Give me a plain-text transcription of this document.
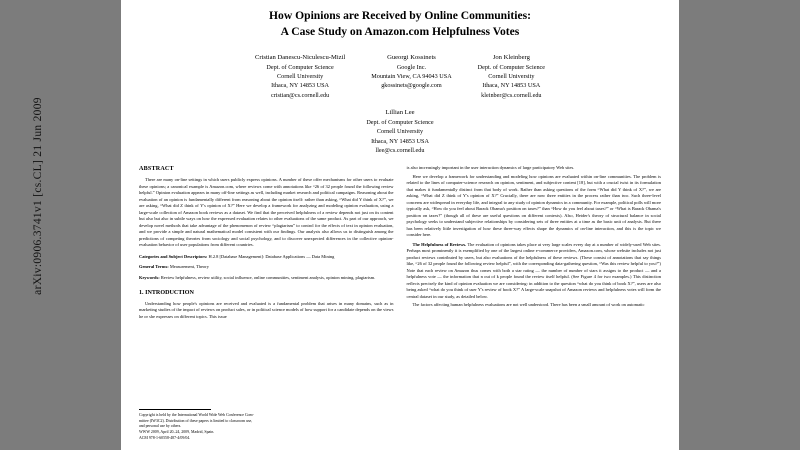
arXiv:0906.3741v1 [cs.CL] 21 Jun 2009
How Opinions are Received by Online Communities:
A Case Study on Amazon.com Helpfulness Votes
Cristian Danescu-Niculescu-Mizil
Dept. of Computer Science
Cornell University
Ithaca, NY 14853 USA
cristian@cs.cornell.edu
Gueorgi Kossinets
Google Inc.
Mountain View, CA 94043 USA
gkossinets@google.com
Jon Kleinberg
Dept. of Computer Science
Cornell University
Ithaca, NY 14853 USA
kleinber@cs.cornell.edu
Lillian Lee
Dept. of Computer Science
Cornell University
Ithaca, NY 14853 USA
llee@cs.cornell.edu
ABSTRACT

There are many on-line settings in which users publicly express opinions. A number of these offer mechanisms for other users to evaluate these opinions; a canonical example is Amazon.com, where reviews come with annotations like “26 of 32 people found the following review helpful.” Opinion evaluation appears in many off-line settings as well, including market research and political campaigns. Reasoning about the evaluation of an opinion is fundamentally different from reasoning about the opinion itself: rather than asking, “What did Y think of X?”, we are asking, “What did Z think of Y's opinion of X?” Here we develop a framework for analyzing and modeling opinion evaluation, using a large-scale collection of Amazon book reviews as a dataset. We find that the perceived helpfulness of a review depends not just on its content but also but also in subtle ways on how the expressed evaluation relates to other evaluations of the same product. As part of our approach, we develop novel methods that take advantage of the phenomenon of review “plagiarism” to control for the effects of text in opinion evaluation, and we provide a simple and natural mathematical model consistent with our findings. Our analysis also allows us to distinguish among the predictions of competing theories from sociology and social psychology, and to discover unexpected differences in the collective opinion-evaluation behavior of user populations from different countries.

Categories and Subject Descriptors: H.2.8 [Database Management]: Database Applications — Data Mining

General Terms: Measurement, Theory

Keywords: Review helpfulness, review utility, social influence, online communities, sentiment analysis, opinion mining, plagiarism.

1. INTRODUCTION

Understanding how people's opinions are received and evaluated is a fundamental problem that arises in many domains, such as in marketing studies of the impact of reviews on product sales, or in political science models of how support for a candidate depends on the views he or she expresses on different topics. This issue

is also increasingly important in the user interaction dynamics of large participatory Web sites.

Here we develop a framework for understanding and modeling how opinions are evaluated within on-line communities. The problem is related to the lines of computer-science research on opinion, sentiment, and subjective content [18], but with a crucial twist in its formulation that makes it fundamentally distinct from that body of work. Rather than asking questions of the form “What did Y think of X?”, we are asking, “What did Z think of Y's opinion of X?” Crucially, there are now three entities in the process rather than two. Such three-level concerns are widespread in everyday life, and integral to any study of opinion dynamics in a community. For example, political polls will more typically ask, “How do you feel about Barack Obama's position on taxes?” than “How do you feel about taxes?” or “What is Barack Obama's position on taxes?” (though all of these are useful questions on different contexts). Also, Heider's theory of structural balance in social psychology seeks to understand subjective relationships by considering sets of three entities at a time as the basic unit of analysis. But there has been relatively little investigation of how these three-way effects shape the dynamics of on-line interaction, and this is the topic we consider here.

The Helpfulness of Reviews. The evaluation of opinions takes place at very large scales every day at a number of widely-used Web sites. Perhaps most prominently it is exemplified by one of the largest online e-commerce providers, Amazon.com, whose website includes not just product reviews contributed by users, but also evaluations of the helpfulness of these reviews. (These consist of annotations that say things like, “26 of 32 people found the following review helpful”, with the corresponding data-gathering question, “Was this review helpful to you?”) Note that each review on Amazon thus comes with both a star rating — the number of number of stars it assigns to the product — and a helpfulness vote — the information that n out of k people found the review itself helpful. (See Figure 4 for two examples.) This distinction reflects precisely the kind of opinion evaluation we are considering: in addition to the question “what do you think of book X?”, users are also being asked “what do you think of user Y's review of book X?” A large-scale snapshot of Amazon reviews and helpfulness votes will form the central dataset in our study, as detailed below.

The factors affecting human helpfulness evaluations are not well understood. There has been a small amount of work on automatic

Copyright is held by the International World Wide Web Conference Com-
mittee (IW3C2). Distribution of these papers is limited to classroom use,
and personal use by others.
WWW 2009, April 20–24, 2009, Madrid, Spain.
ACM 978-1-60558-487-4/09/04.
